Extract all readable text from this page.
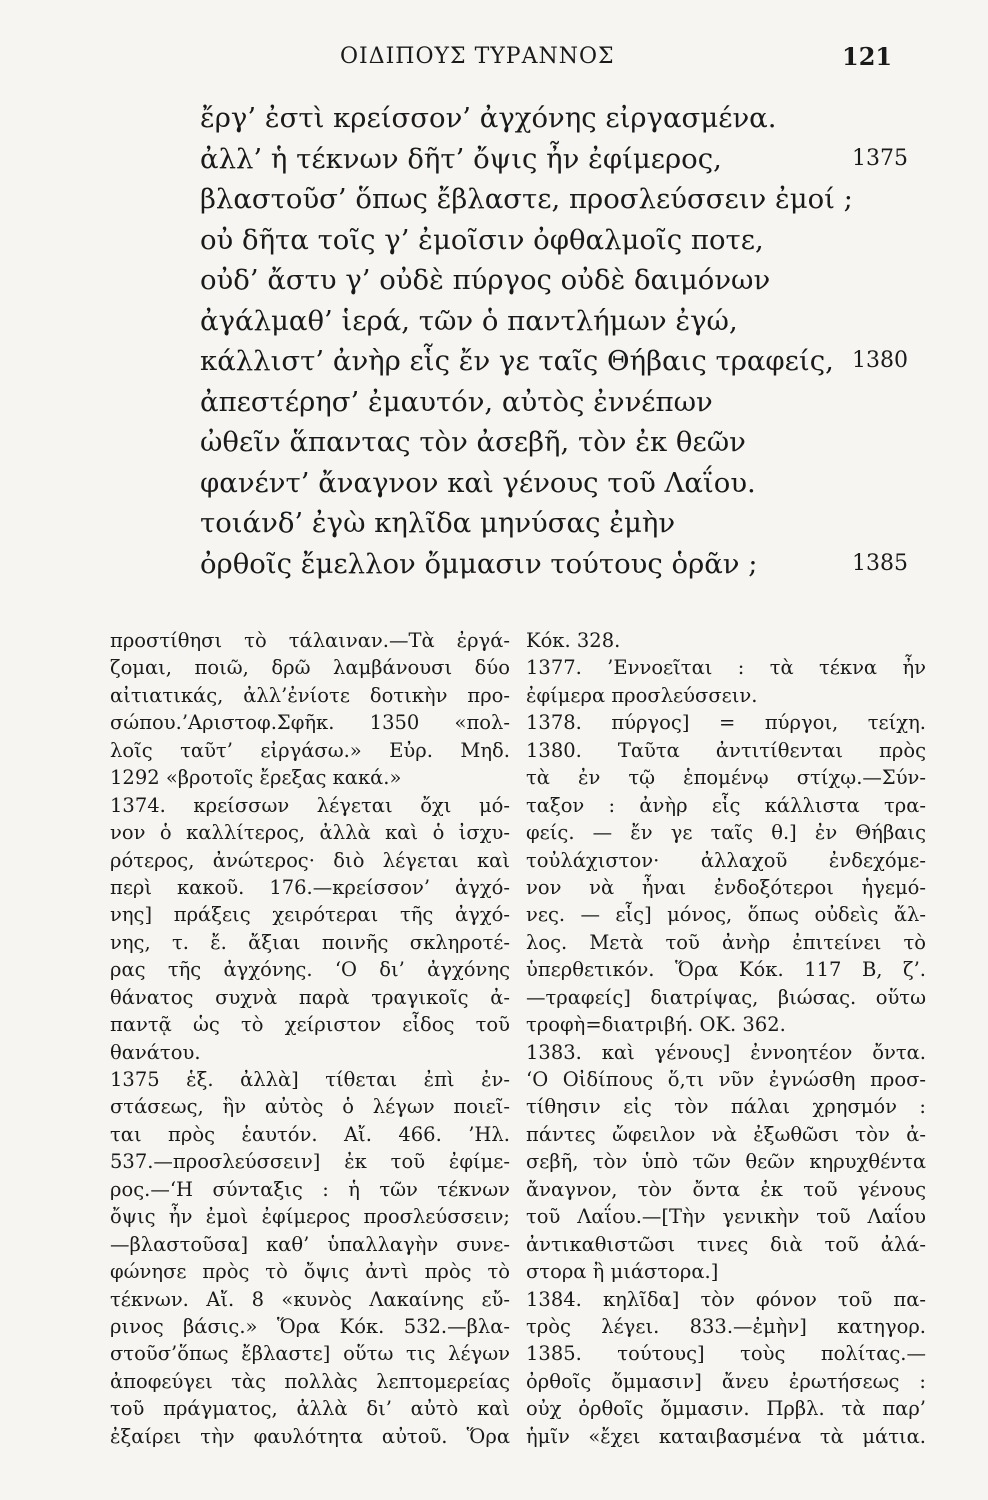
ΟΙΔΙΠΟΥΣ ΤΥΡΑΝΝΟΣ	121
ἔργ’ ἐστὶ κρείσσον’ ἀγχόνης εἰργασμένα.
ἀλλ’ ἡ τέκνων δῆτ’ ὄψις ἦν ἐφίμερος,	1375
βλαστοῦσ’ ὅπως ἔβλαστε, προσλεύσσειν ἐμοί ;
οὐ δῆτα τοῖς γ’ ἐμοῖσιν ὀφθαλμοῖς ποτε,
οὐδ’ ἄστυ γ’ οὐδὲ πύργος οὐδὲ δαιμόνων
ἀγάλμαθ’ ἱερά, τῶν ὁ παντλήμων ἐγώ,
κάλλιστ’ ἀνὴρ εἷς ἔν γε ταῖς Θήβαις τραφείς, 1380
ἀπεστέρησ’ ἐμαυτόν, αὐτὸς ἐννέπων
ὠθεῖν ἅπαντας τὸν ἀσεβῆ, τὸν ἐκ θεῶν
φανέντ’ ἄναγνον καὶ γένους τοῦ Λαΐου.
τοιάνδ’ ἐγὼ κηλῖδα μηνύσας ἐμὴν
ὀρθοῖς ἔμελλον ὄμμασιν τούτους ὁρᾶν ;	1385
προστίθησι τὸ τάλαιναν.—Τὰ ἐργά-
ζομαι, ποιῶ, δρῶ λαμβάνουσι δύο
αἰτιατικάς, ἀλλ’ἐνίοτε δοτικὴν προ-
σώπου.’Αριστοφ.Σφῆκ. 1350 «πολ-
λοῖς ταῦτ’ εἰργάσω.» Εὐρ. Μηδ.
1292 «βροτοῖς ἔρεξας κακά.»
1374. κρείσσων λέγεται ὄχι μό-
νον ὁ καλλίτερος, ἀλλὰ καὶ ὁ ἰσχυ-
ρότερος, ἀνώτερος· διὸ λέγεται καὶ
περὶ κακοῦ. 176.—κρείσσον’ ἀγχό-
νης] πράξεις χειρότεραι τῆς ἀγχό-
νης, τ. ἔ. ἄξιαι ποινῆς σκληροτέ-
ρας τῆς ἀγχόνης. ‘Ο δι’ ἀγχόνης
θάνατος συχνὰ παρὰ τραγικοῖς ἀ-
παντᾷ ὡς τὸ χείριστον εἶδος τοῦ
θανάτου.
1375 ἑξ. ἀλλὰ] τίθεται ἐπὶ ἐν-
στάσεως, ἣν αὐτὸς ὁ λέγων ποιεῖ-
ται πρὸς ἑαυτόν. Αἴ. 466. ’Ηλ.
537.—προσλεύσσειν] ἐκ τοῦ ἐφίμε-
ρος.—‘Η σύνταξις : ἡ τῶν τέκνων
ὄψις ἦν ἐμοὶ ἐφίμερος προσλεύσσειν;
—βλαστοῦσα] καθ’ ὑπαλλαγὴν συνε-
φώνησε πρὸς τὸ ὄψις ἀντὶ πρὸς τὸ
τέκνων. Αἴ. 8 «κυνὸς Λακαίνης εὔ-
ρινος βάσις.» Ὅρα Κόκ. 532.—βλα-
στοῦσ’ὅπως ἔβλαστε] οὕτω τις λέγων
ἀποφεύγει τὰς πολλὰς λεπτομερείας
τοῦ πράγματος, ἀλλὰ δι’ αὐτὸ καὶ
ἐξαίρει τὴν φαυλότητα αὐτοῦ. Ὅρα
Κόκ. 328.
1377. ’Εννοεῖται : τὰ τέκνα ἦν
ἐφίμερα προσλεύσσειν.
1378. πύργος] = πύργοι, τείχη.
1380. Ταῦτα ἀντιτίθενται πρὸς
τὰ ἐν τῷ ἑπομένῳ στίχῳ.—Σύν-
ταξον : ἀνὴρ εἷς κάλλιστα τρα-
φείς. — ἔν γε ταῖς θ.] ἐν Θήβαις
τοὐλάχιστον· ἀλλαχοῦ ἐνδεχόμε-
νον νὰ ἦναι ἐνδοξότεροι ἡγεμό-
νες. — εἷς] μόνος, ὅπως οὐδεὶς ἄλ-
λος. Μετὰ τοῦ ἀνὴρ ἐπιτείνει τὸ
ὑπερθετικόν. Ὅρα Κόκ. 117 Β, ζ’.
—τραφείς] διατρίψας, βιώσας. οὕτω
τροφὴ=διατριβή. ΟΚ. 362.
1383. καὶ γένους] ἐννοητέον ὄντα.
‘Ο Οἰδίπους ὅ,τι νῦν ἐγνώσθη προσ-
τίθησιν εἰς τὸν πάλαι χρησμόν :
πάντες ὤφειλον νὰ ἐξωθῶσι τὸν ἀ-
σεβῆ, τὸν ὑπὸ τῶν θεῶν κηρυχθέντα
ἄναγνον, τὸν ὄντα ἐκ τοῦ γένους
τοῦ Λαΐου.—[Τὴν γενικὴν τοῦ Λαΐου
ἀντικαθιστῶσι τινες διὰ τοῦ ἀλά-
στορα ἢ μιάστορα.]
1384. κηλῖδα] τὸν φόνον τοῦ πα-
τρὸς λέγει. 833.—ἐμὴν] κατηγορ.
1385. τούτους] τοὺς πολίτας.—
ὀρθοῖς ὄμμασιν] ἄνευ ἐρωτήσεως :
οὐχ ὀρθοῖς ὄμμασιν. Πρβλ. τὰ παρ’
ἡμῖν «ἔχει καταιβασμένα τὰ μάτια.
